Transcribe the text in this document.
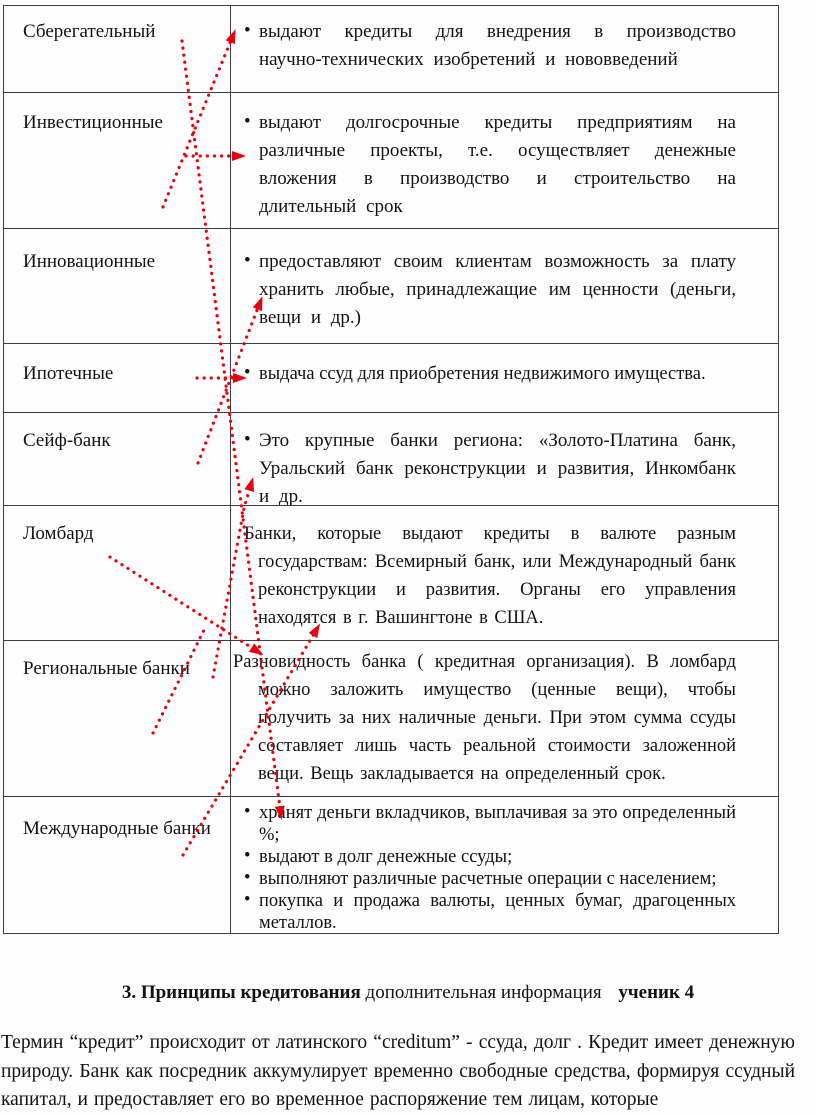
Сберегательный	• выдают кредиты для внедрения в производство научно-технических изобретений и нововведений
Инвестиционные	• выдают долгосрочные кредиты предприятиям на различные проекты, т.е. осуществляет денежные вложения в производство и строительство на длительный срок
Инновационные	• предоставляют своим клиентам возможность за плату хранить любые, принадлежащие им ценности (деньги, вещи и др.)
Ипотечные	• выдача ссуд для приобретения недвижимого имущества.
Сейф-банк	• Это крупные банки региона: «Золото-Платина банк, Уральский банк реконструкции и развития, Инкомбанк и др.
Ломбард	Банки, которые выдают кредиты в валюте разным государствам: Всемирный банк, или Международный банк реконструкции и развития. Органы его управления находятся в г. Вашингтоне в США.

Региональные банки	Разновидность банка ( кредитная организация). В ломбард можно заложить имущество (ценные вещи), чтобы получить за них наличные деньги. При этом сумма ссуды составляет лишь часть реальной стоимости заложенной вещи. Вещь закладывается на определенный срок.

Международные банки
• хранят деньги вкладчиков, выплачивая за это определенный %;
• выдают в долг денежные ссуды;
• выполняют различные расчетные операции с населением;
• покупка и продажа валюты, ценных бумаг, драгоценных металлов.
3. Принципы кредитования дополнительная информация ученик 4
Термин “кредит” происходит от латинского “creditum” - ссуда, долг . Кредит имеет денежную природу. Банк как посредник аккумулирует временно свободные средства, формируя ссудный капитал, и предоставляет его во временное распоряжение тем лицам, которые
